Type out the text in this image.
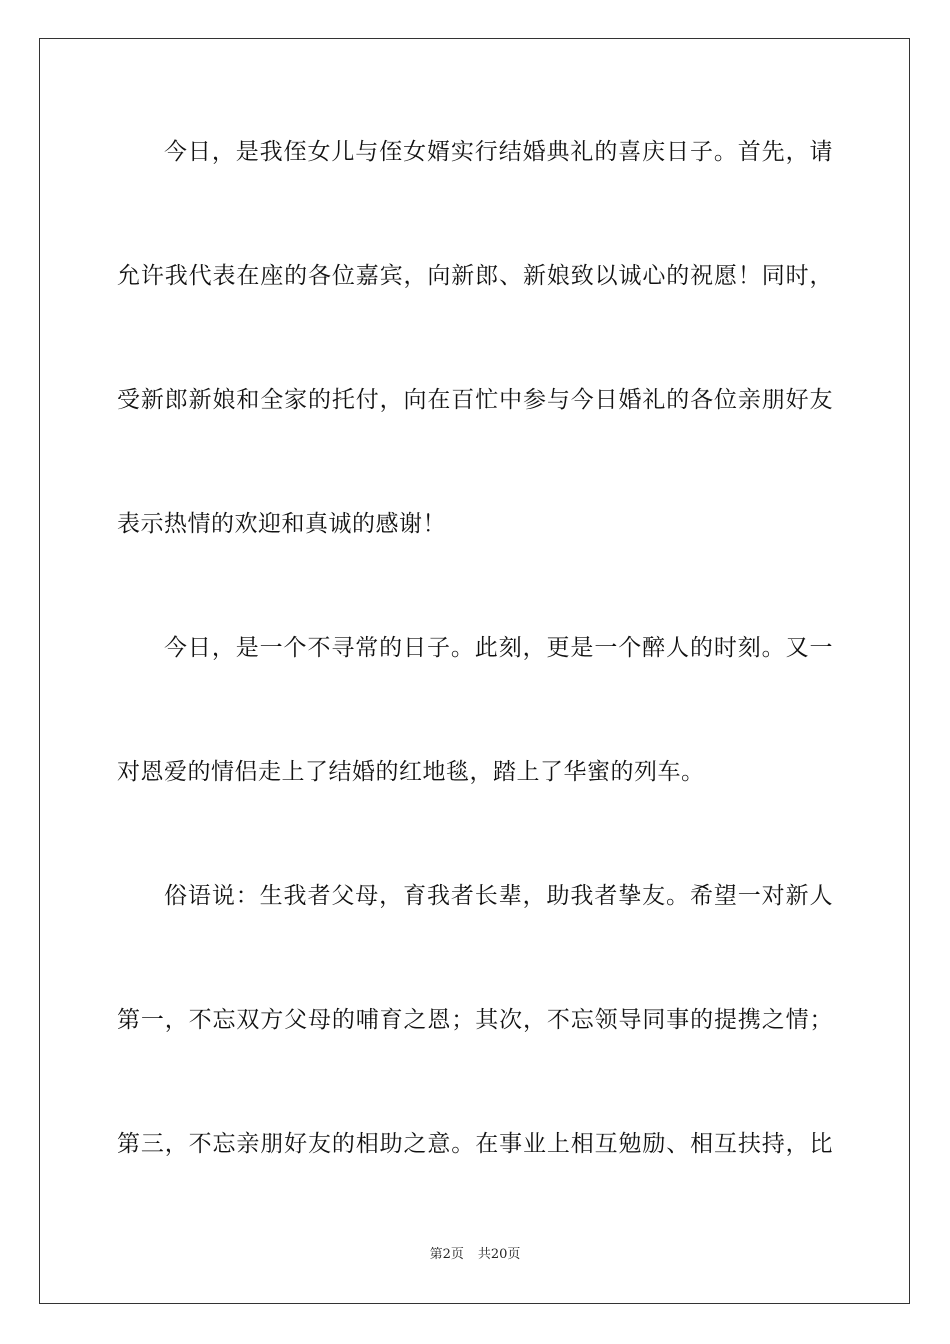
今日，是我侄女儿与侄女婿实行结婚典礼的喜庆日子。首先，请
允许我代表在座的各位嘉宾，向新郎、新娘致以诚心的祝愿！同时，
受新郎新娘和全家的托付，向在百忙中参与今日婚礼的各位亲朋好友
表示热情的欢迎和真诚的感谢！
今日，是一个不寻常的日子。此刻，更是一个醉人的时刻。又一
对恩爱的情侣走上了结婚的红地毯，踏上了华蜜的列车。
俗语说：生我者父母，育我者长辈，助我者挚友。希望一对新人
第一，不忘双方父母的哺育之恩；其次，不忘领导同事的提携之情；
第三，不忘亲朋好友的相助之意。在事业上相互勉励、相互扶持，比
第2页 共20页
